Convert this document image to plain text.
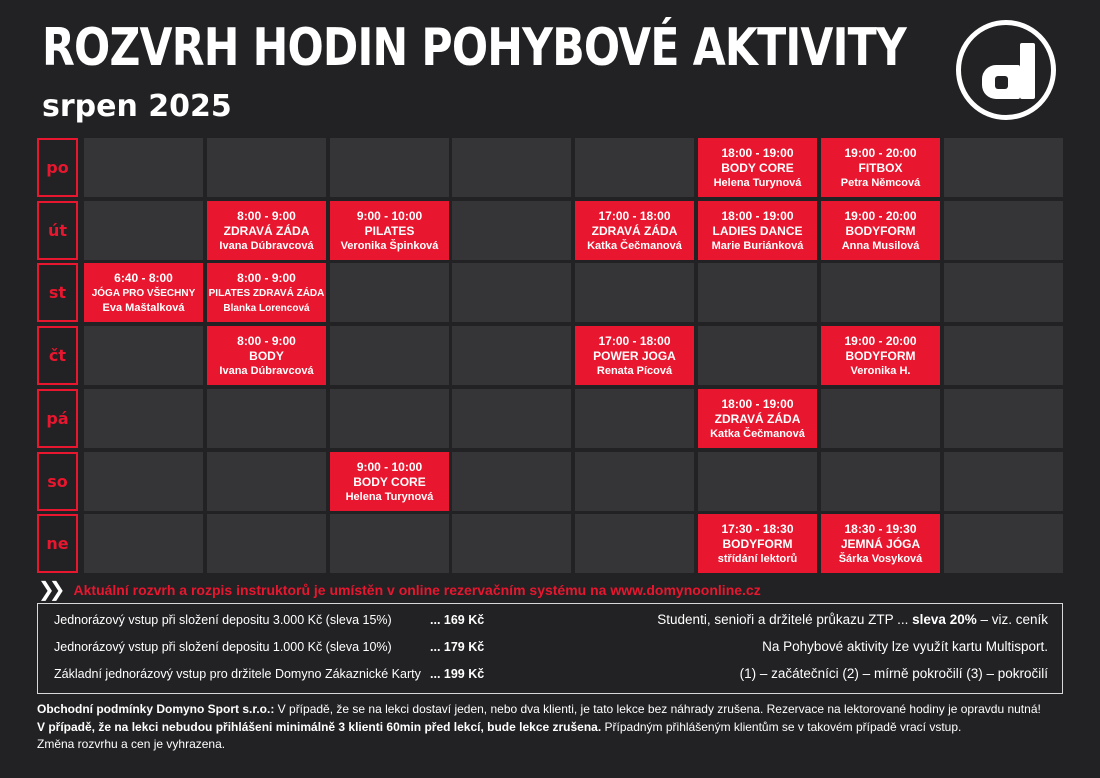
ROZVRH HODIN POHYBOVÉ AKTIVITY
srpen 2025
po
18:00 - 19:00
BODY CORE
Helena Turynová
19:00 - 20:00
FITBOX
Petra Němcová
út
8:00 - 9:00
ZDRAVÁ ZÁDA
Ivana Dúbravcová
9:00 - 10:00
PILATES
Veronika Špinková
17:00 - 18:00
ZDRAVÁ ZÁDA
Katka Čečmanová
18:00 - 19:00
LADIES DANCE
Marie Buriánková
19:00 - 20:00
BODYFORM
Anna Musilová
st
6:40 - 8:00
JÓGA PRO VŠECHNY
Eva Maštalková
8:00 - 9:00
PILATES ZDRAVÁ ZÁDA
Blanka Lorencová
čt
8:00 - 9:00
BODY
Ivana Dúbravcová
17:00 - 18:00
POWER JOGA
Renata Pícová
19:00 - 20:00
BODYFORM
Veronika H.
pá
18:00 - 19:00
ZDRAVÁ ZÁDA
Katka Čečmanová
so
9:00 - 10:00
BODY CORE
Helena Turynová
ne
17:30 - 18:30
BODYFORM
střídání lektorů
18:30 - 19:30
JEMNÁ JÓGA
Šárka Vosyková
❯❯ Aktuální rozvrh a rozpis instruktorů je umístěn v online rezervačním systému na www.domynoonline.cz
Jednorázový vstup při složení depositu 3.000 Kč (sleva 15%)	... 169 Kč
Jednorázový vstup při složení depositu 1.000 Kč (sleva 10%)	... 179 Kč
Základní jednorázový vstup pro držitele Domyno Zákaznické Karty ... 199 Kč
Studenti, senioři a držitelé průkazu ZTP ... sleva 20% – viz. ceník
Na Pohybové aktivity lze využít kartu Multisport.
(1) – začátečníci (2) – mírně pokročilí (3) – pokročilí
Obchodní podmínky Domyno Sport s.r.o.: V případě, že se na lekci dostaví jeden, nebo dva klienti, je tato lekce bez náhrady zrušena. Rezervace na lektorované hodiny je opravdu nutná!
V případě, že na lekci nebudou přihlášeni minimálně 3 klienti 60min před lekcí, bude lekce zrušena. Případným přihlášeným klientům se v takovém případě vrací vstup.
Změna rozvrhu a cen je vyhrazena.
